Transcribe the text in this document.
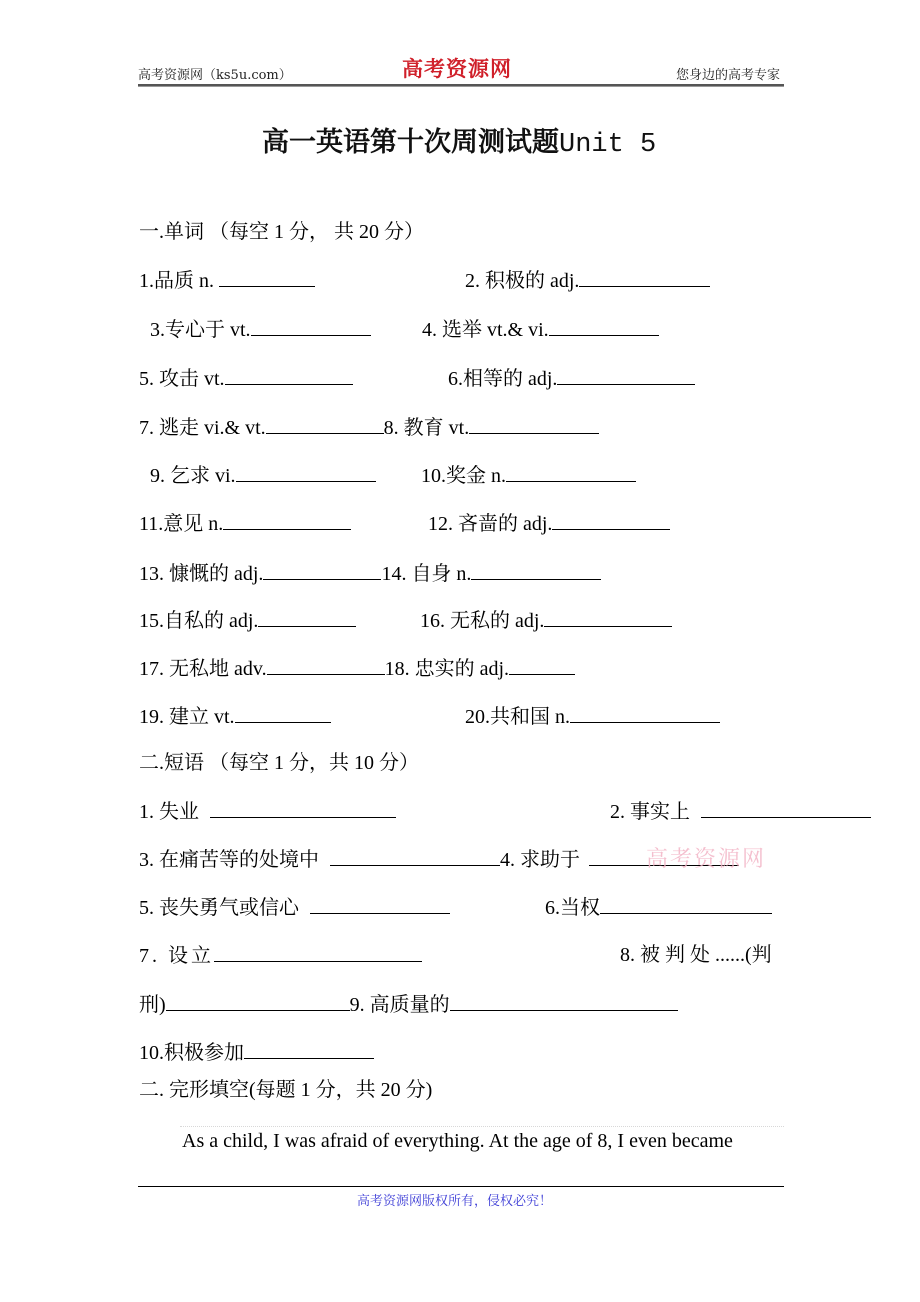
高考资源网（ks5u.com）	高考资源网	您身边的高考专家
高一英语第十次周测试题Unit 5
一.单词 （每空 1 分， 共 20 分）
1.品质 n.	2. 积极的 adj.
3.专心于 vt.	4. 选举 vt.& vi.
5. 攻击 vt.	6.相等的 adj.
7. 逃走 vi.& vt.	8. 教育 vt.
9. 乞求 vi.	10.奖金 n.
11.意见 n.	12. 吝啬的 adj.
13. 慷慨的 adj.	14. 自身 n.
15.自私的 adj.	16. 无私的 adj.
17. 无私地 adv.	18. 忠实的 adj.
19. 建立 vt.	20.共和国 n.
二.短语 （每空 1 分，共 10 分）
1. 失业	2. 事实上
3. 在痛苦等的处境中	4. 求助于	高考资源网
5. 丧失勇气或信心	6.当权
7. 设立	8. 被 判 处 ......(判
刑)	9. 高质量的
10.积极参加
二. 完形填空(每题 1 分，共 20 分)
As a child, I was afraid of everything. At the age of 8, I even became
高考资源网版权所有，侵权必究！
